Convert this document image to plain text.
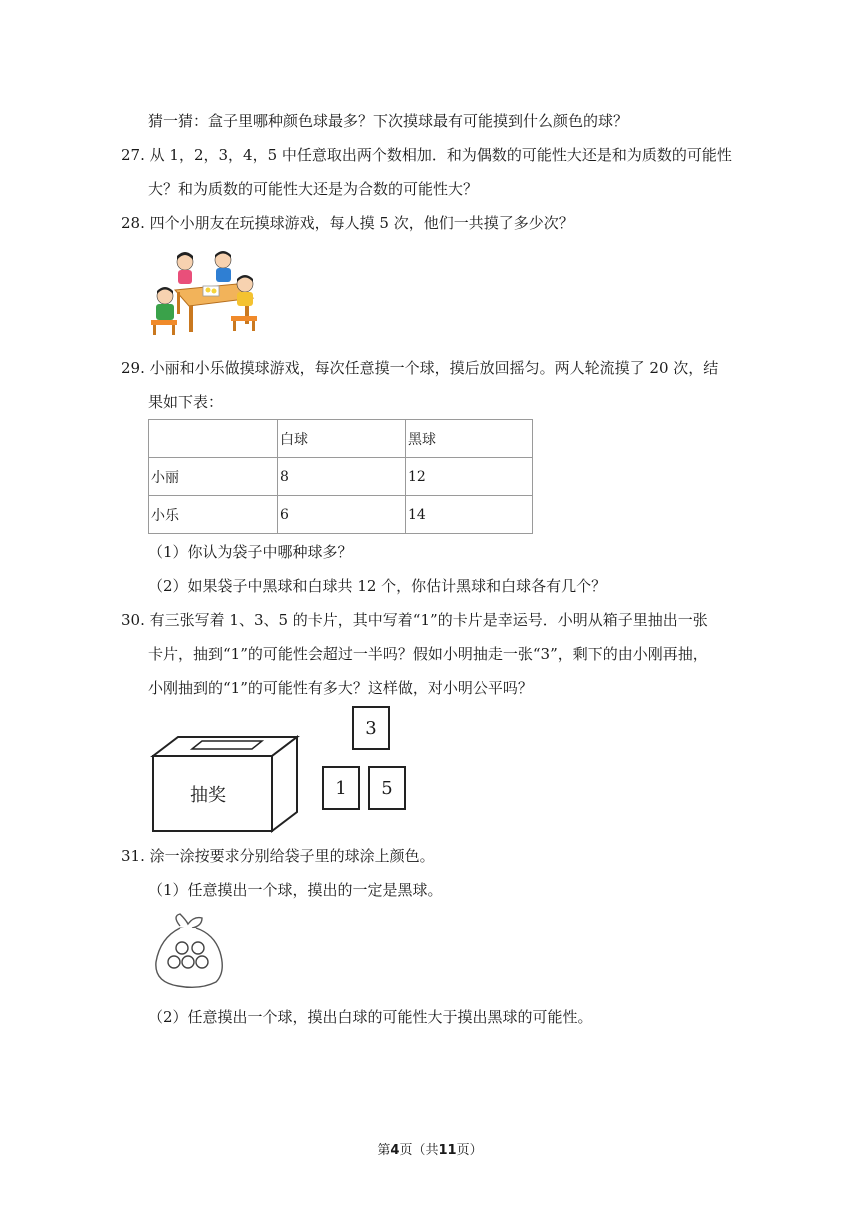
猜一猜：盒子里哪种颜色球最多？下次摸球最有可能摸到什么颜色的球？
27. 从 1，2，3，4，5 中任意取出两个数相加．和为偶数的可能性大还是和为质数的可能性
大？和为质数的可能性大还是为合数的可能性大？
28. 四个小朋友在玩摸球游戏，每人摸 5 次，他们一共摸了多少次？
29. 小丽和小乐做摸球游戏，每次任意摸一个球，摸后放回摇匀。两人轮流摸了 20 次，结
果如下表：
	白球	黑球
小丽	8	12
小乐	6	14
（1）你认为袋子中哪种球多？
（2）如果袋子中黑球和白球共 12 个，你估计黑球和白球各有几个？
30. 有三张写着 1、3、5 的卡片，其中写着“1”的卡片是幸运号．小明从箱子里抽出一张
卡片，抽到“1”的可能性会超过一半吗？假如小明抽走一张“3”，剩下的由小刚再抽，
小刚抽到的“1”的可能性有多大？这样做，对小明公平吗？
抽奖
3
1	5
31. 涂一涂按要求分别给袋子里的球涂上颜色。
（1）任意摸出一个球，摸出的一定是黑球。
（2）任意摸出一个球，摸出白球的可能性大于摸出黑球的可能性。
第4页（共11页）
